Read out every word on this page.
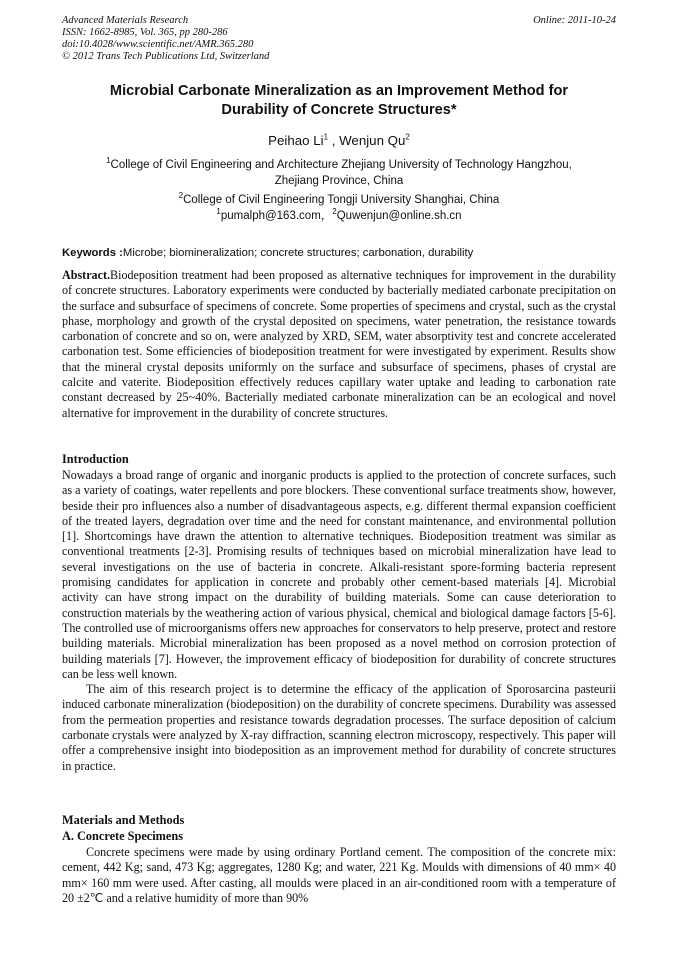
Advanced Materials Research
ISSN: 1662-8985, Vol. 365, pp 280-286
doi:10.4028/www.scientific.net/AMR.365.280
© 2012 Trans Tech Publications Ltd, Switzerland
Online: 2011-10-24
Microbial Carbonate Mineralization as an Improvement Method for
Durability of Concrete Structures*
Peihao Li$^1$ , Wenjun Qu$^2$
$^1$College of Civil Engineering and Architecture Zhejiang University of Technology Hangzhou,
Zhejiang Province, China
$^2$College of Civil Engineering Tongji University Shanghai, China
$^1$pumalph@163.com，$^2$Quwenjun@online.sh.cn
Keywords :Microbe; biomineralization; concrete structures; carbonation, durability

Abstract.Biodeposition treatment had been proposed as alternative techniques for improvement in the durability of concrete structures. Laboratory experiments were conducted by bacterially mediated carbonate precipitation on the surface and subsurface of specimens of concrete. Some properties of specimens and crystal, such as the crystal phase, morphology and growth of the crystal deposited on specimens, water penetration, the resistance towards carbonation of concrete and so on, were analyzed by XRD, SEM, water absorptivity test and concrete accelerated carbonation test. Some efficiencies of biodeposition treatment for were investigated by experiment. Results show that the mineral crystal deposits uniformly on the surface and subsurface of specimens, phases of crystal are calcite and vaterite. Biodeposition effectively reduces capillary water uptake and leading to carbonation rate constant decreased by 25~40%. Bacterially mediated carbonate mineralization can be an ecological and novel alternative for improvement in the durability of concrete structures.

Introduction

Nowadays a broad range of organic and inorganic products is applied to the protection of concrete surfaces, such as a variety of coatings, water repellents and pore blockers. These conventional surface treatments show, however, beside their pro influences also a number of disadvantageous aspects, e.g. different thermal expansion coefficient of the treated layers, degradation over time and the need for constant maintenance, and environmental pollution [1]. Shortcomings have drawn the attention to alternative techniques. Biodeposition treatment was similar as conventional treatments [2-3]. Promising results of techniques based on microbial mineralization have lead to several investigations on the use of bacteria in concrete. Alkali-resistant spore-forming bacteria represent promising candidates for application in concrete and probably other cement-based materials [4]. Microbial activity can have strong impact on the durability of building materials. Some can cause deterioration to construction materials by the weathering action of various physical, chemical and biological damage factors [5-6]. The controlled use of microorganisms offers new approaches for conservators to help preserve, protect and restore building materials. Microbial mineralization has been proposed as a novel method on corrosion protection of building materials [7]. However, the improvement efficacy of biodeposition for durability of concrete structures can be less well known.

The aim of this research project is to determine the efficacy of the application of Sporosarcina pasteurii induced carbonate mineralization (biodeposition) on the durability of concrete specimens. Durability was assessed from the permeation properties and resistance towards degradation processes. The surface deposition of calcium carbonate crystals were analyzed by X-ray diffraction, scanning electron microscopy, respectively. This paper will offer a comprehensive insight into biodeposition as an improvement method for durability of concrete structures in practice.

Materials and Methods
A. Concrete Specimens

Concrete specimens were made by using ordinary Portland cement. The composition of the concrete mix: cement, 442 Kg; sand, 473 Kg; aggregates, 1280 Kg; and water, 221 Kg. Moulds with dimensions of 40 mm× 40 mm× 160 mm were used. After casting, all moulds were placed in an air-conditioned room with a temperature of 20 ±2℃ and a relative humidity of more than 90%
